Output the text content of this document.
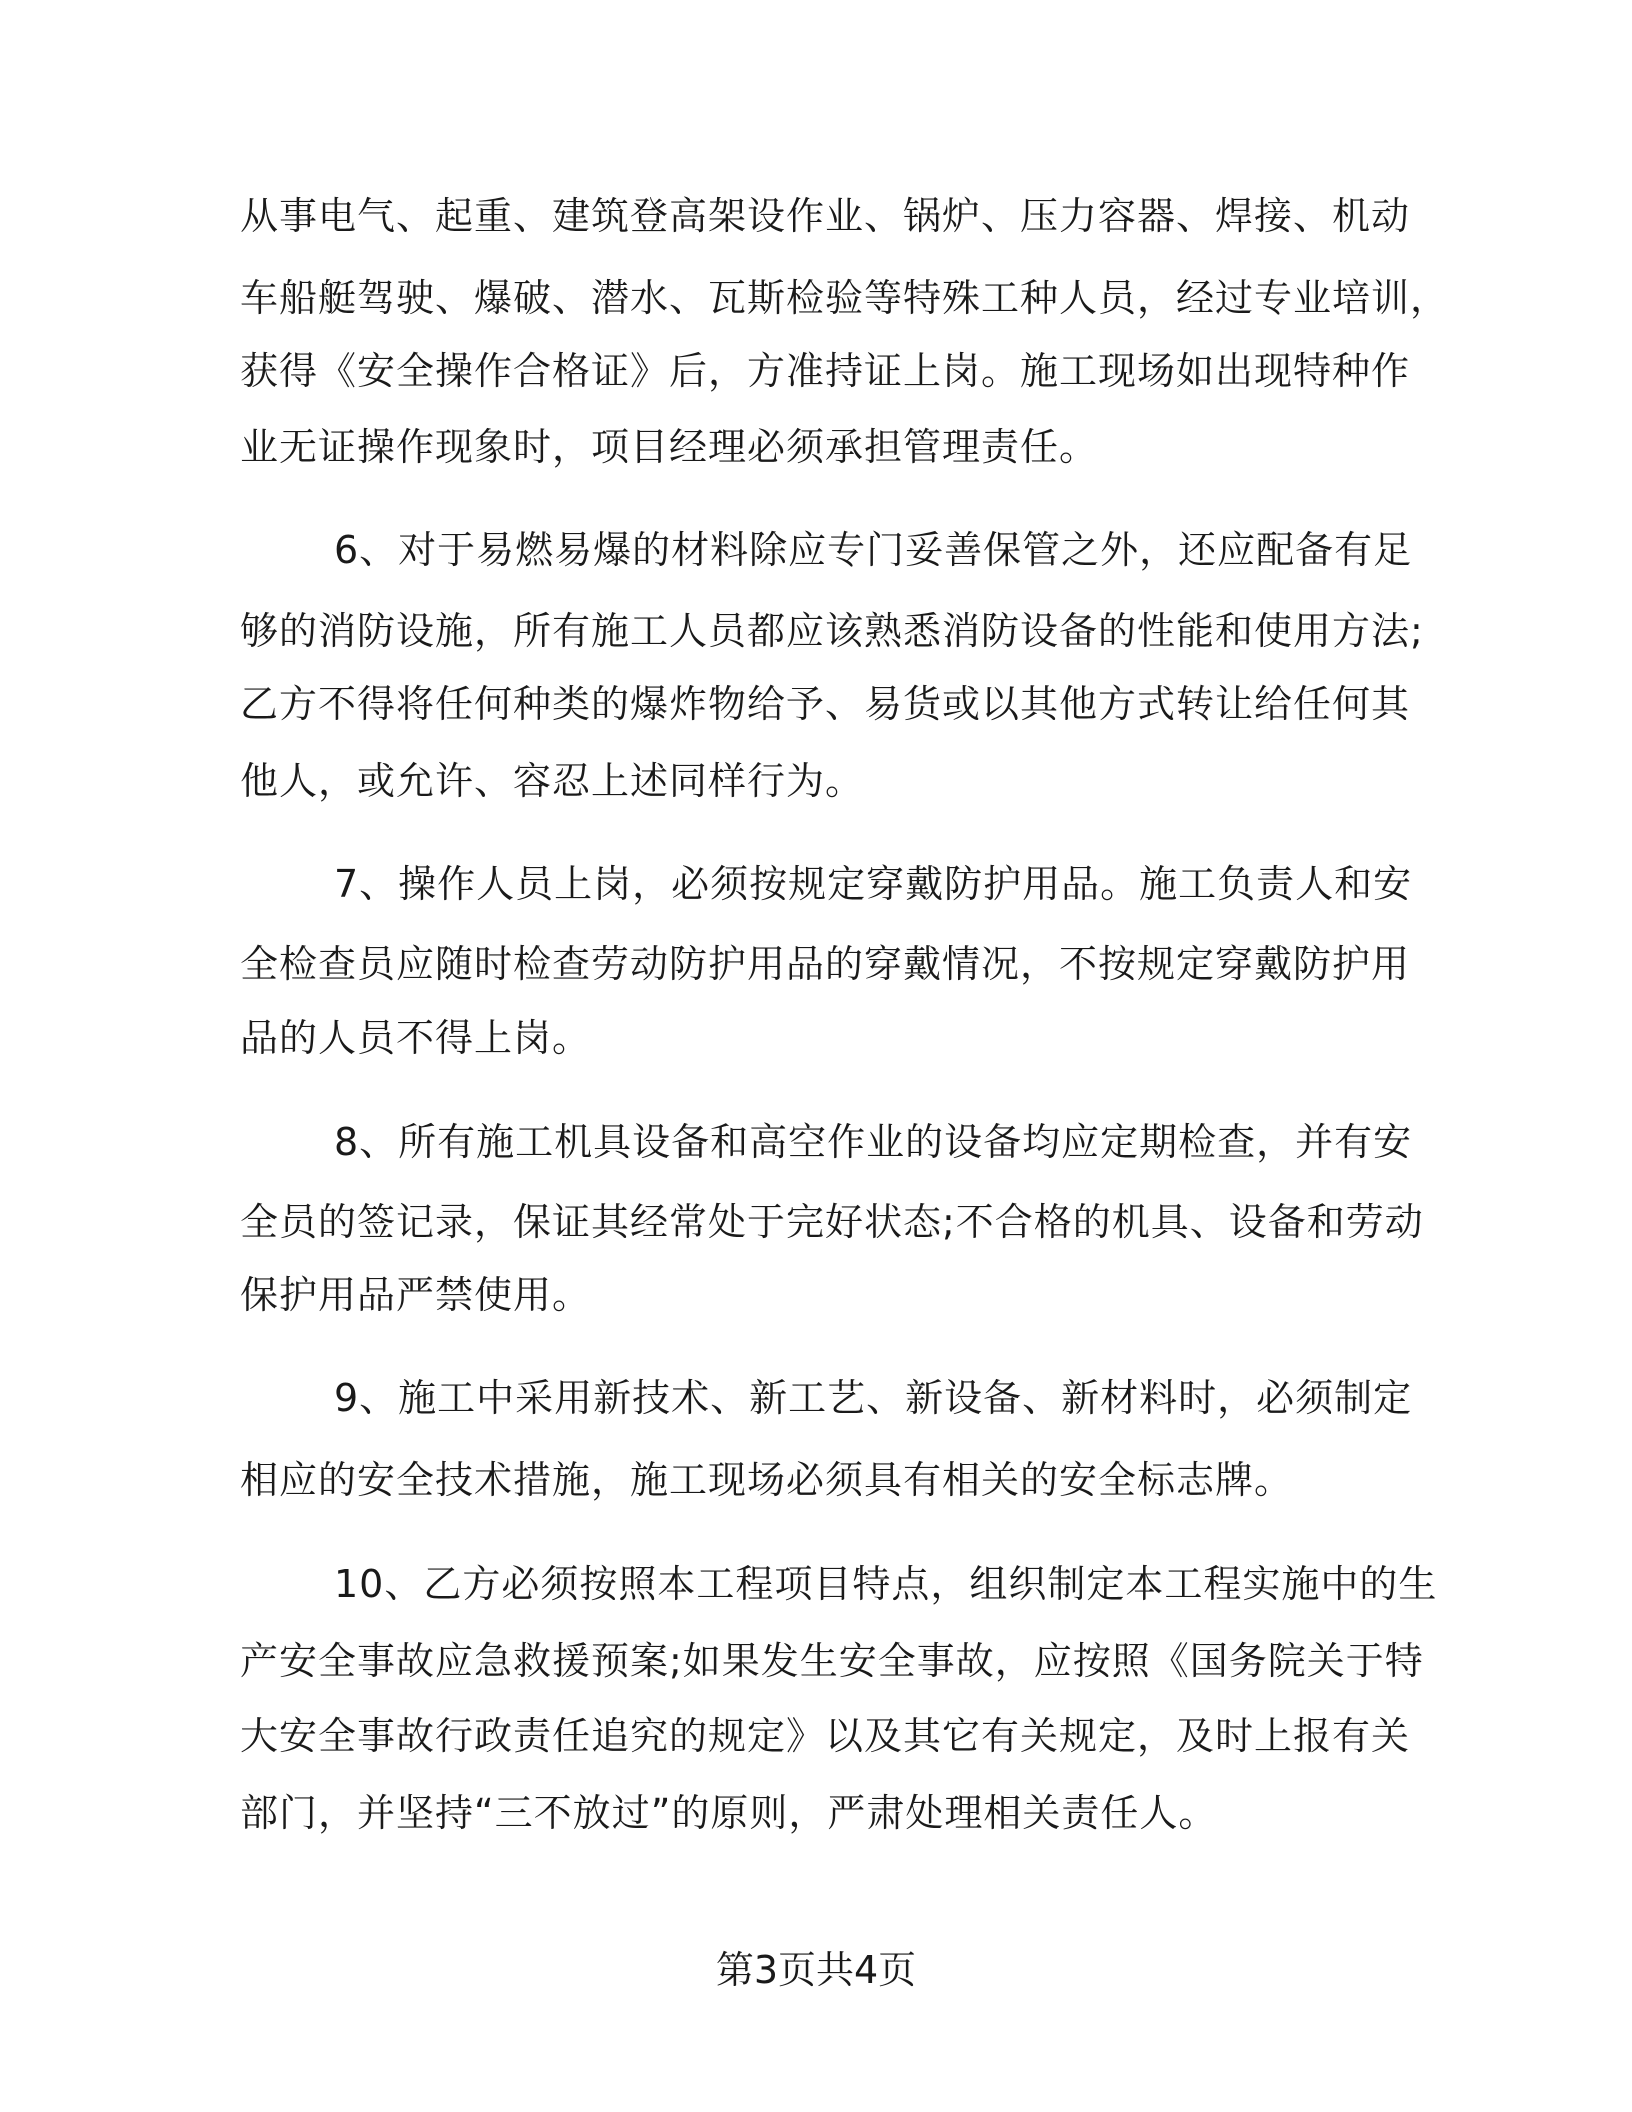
从事电气、起重、建筑登高架设作业、锅炉、压力容器、焊接、机动
车船艇驾驶、爆破、潜水、瓦斯检验等特殊工种人员，经过专业培训，
获得《安全操作合格证》后，方准持证上岗。施工现场如出现特种作
业无证操作现象时，项目经理必须承担管理责任。
6、对于易燃易爆的材料除应专门妥善保管之外，还应配备有足
够的消防设施，所有施工人员都应该熟悉消防设备的性能和使用方法;
乙方不得将任何种类的爆炸物给予、易货或以其他方式转让给任何其
他人，或允许、容忍上述同样行为。
7、操作人员上岗，必须按规定穿戴防护用品。施工负责人和安
全检查员应随时检查劳动防护用品的穿戴情况，不按规定穿戴防护用
品的人员不得上岗。
8、所有施工机具设备和高空作业的设备均应定期检查，并有安
全员的签记录，保证其经常处于完好状态;不合格的机具、设备和劳动
保护用品严禁使用。
9、施工中采用新技术、新工艺、新设备、新材料时，必须制定
相应的安全技术措施，施工现场必须具有相关的安全标志牌。
10、乙方必须按照本工程项目特点，组织制定本工程实施中的生
产安全事故应急救援预案;如果发生安全事故，应按照《国务院关于特
大安全事故行政责任追究的规定》以及其它有关规定，及时上报有关
部门，并坚持“三不放过”的原则，严肃处理相关责任人。
第3页共4页
